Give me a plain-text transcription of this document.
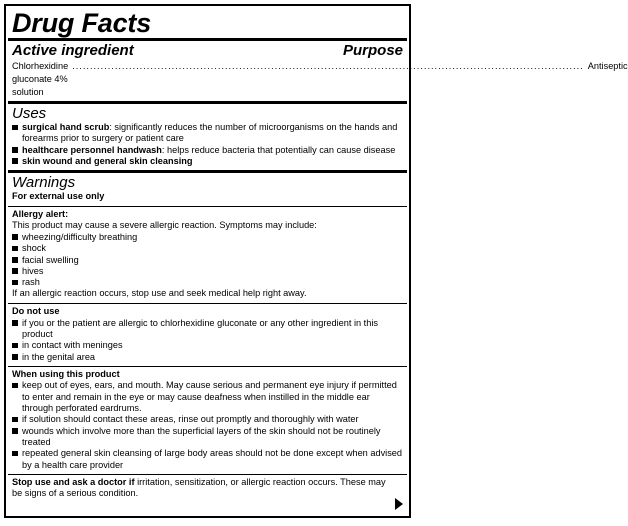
Drug Facts
Active ingredient	Purpose
Chlorhexidine gluconate 4% solution
................................................................................................................................................ Antiseptic
Uses
surgical hand scrub: significantly reduces the number of microorganisms on the hands and forearms prior to surgery or patient care
healthcare personnel handwash: helps reduce bacteria that potentially can cause disease
skin wound and general skin cleansing
Warnings
For external use only
Allergy alert:
This product may cause a severe allergic reaction. Symptoms may include:
wheezing/difficulty breathing
shock
facial swelling
hives
rash
If an allergic reaction occurs, stop use and seek medical help right away.
Do not use
if you or the patient are allergic to chlorhexidine gluconate or any other ingredient in this product
in contact with meninges
in the genital area
When using this product
keep out of eyes, ears, and mouth. May cause serious and permanent eye injury if permitted to enter and remain in the eye or may cause deafness when instilled in the middle ear through perforated eardrums.
if solution should contact these areas, rinse out promptly and thoroughly with water
wounds which involve more than the superficial layers of the skin should not be routinely treated
repeated general skin cleansing of large body areas should not be done except when advised by a health care provider
Stop use and ask a doctor if irritation, sensitization, or allergic reaction occurs. These may be signs of a serious condition.
